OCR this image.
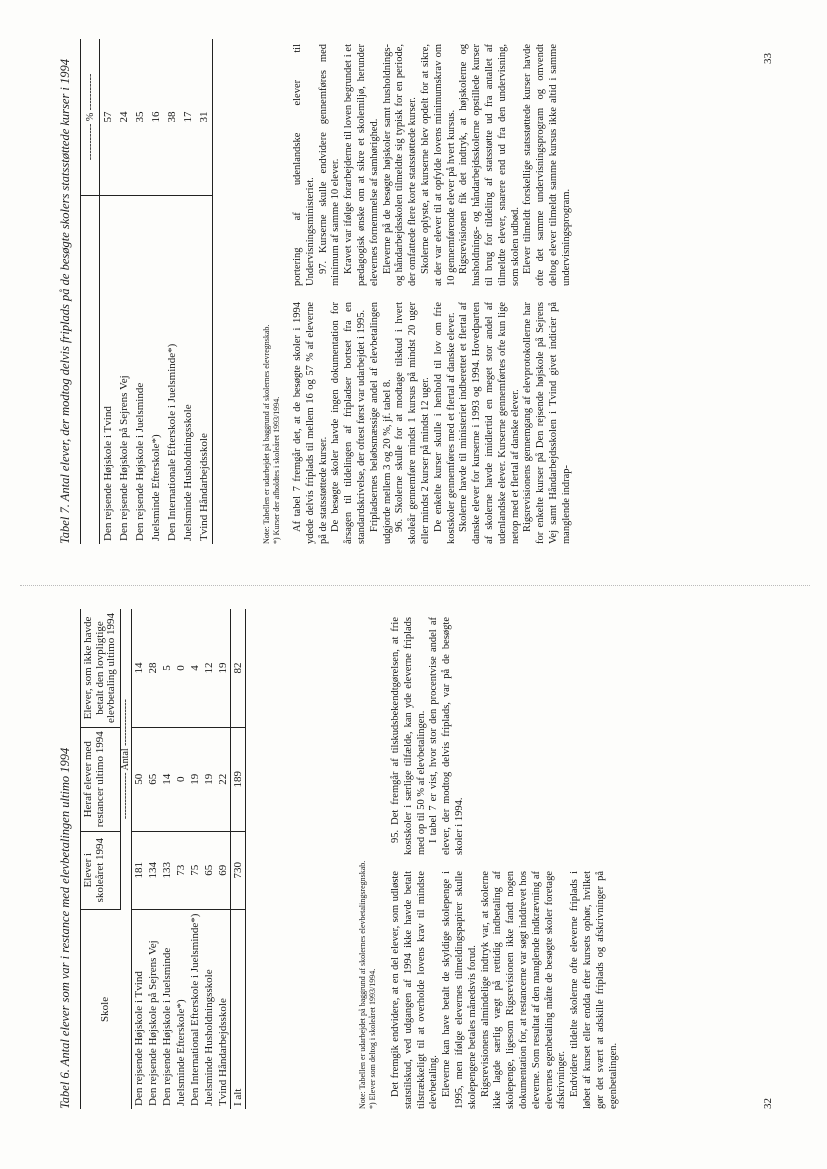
Tabel 6. Antal elever som var i restance med elevbetalingen ultimo 1994 Skole	Elever i skoleåret 1994	Heraf elever med restancer ultimo 1994	Elever, som ikke havde betalt den lovpligtige elevbetaling ultimo 1994
	-------------- Antal --------------		
Den rejsende Højskole i Tvind	181	50	14
Den rejsende Højskole på Sejrens Vej	134	65	28
Den rejsende Højskole i Juelsminde	133	14	5
Juelsminde Efterskole*)	73	0	0
Den International Efterskole i Juelsminde*)	75	19	4
Juelsminde Husholdningsskole	65	19	12
Tvind Håndarbejdsskole	69	22	19
I alt	730	189	82
Note: Tabellen er udarbejdet på baggrund af skolernes elevbetalingsregnskab. *) Elever som deltog i skoleåret 1993/1994. Det fremgik endvidere, at en del elever, som udløste statstilskud, ved udgangen af 1994 ikke havde betalt tilstrækkeligt til at overholde lovens krav til mindste elevbetaling. Eleverne kan have betalt de skyldige skolepenge i 1995, men ifølge elevernes tilmeldingspapirer skulle skolepengene betales månedsvis forud. Rigsrevisionens almindelige indtryk var, at skolerne ikke lagde særlig vægt på rettidig indbetaling af skolepenge, ligesom Rigsrevisionen ikke fandt nogen dokumentation for, at restancerne var søgt inddrevet hos eleverne. Som resultat af den manglende indkrævning af elevernes egenbetaling måtte de besøgte skoler foretage afskrivninger. Endvidere tildelte skolerne ofte eleverne friplads i løbet af kurset eller endda efter kursets ophør, hvilket gør det svært at adskille friplads og afskrivninger på egenbetalingen.

95. Det fremgår af tilskudsbekendtgørelsen, at frie kostskoler i særlige tilfælde, kan yde eleverne friplads med op til 50 % af elevbetalingen. I tabel 7 er vist, hvor stor den procentvise andel af elever, der modtog delvis friplads, var på de besøgte skoler i 1994.

32
Tabel 7. Antal elever, der modtog delvis friplads på de besøgte skolers statsstøttede kurser i 1994
	----------- % -----------
Den rejsende Højskole i Tvind	57
Den rejsende Højskole på Sejrens Vej	24
Den rejsende Højskole i Juelsminde	35
Juelsminde Efterskole*)	16
Den Internationale Efterskole i Juelsminde*)	38
Juelsminde Husholdningsskole	17
Tvind Håndarbejdsskole	31
Note: Tabellen er udarbejdet på baggrund af skolernes elevregnskab. *) Kurser der afholdtes i skoleåret 1993/1994. Af tabel 7 fremgår det, at de besøgte skoler i 1994 ydede delvis friplads til mellem 16 og 57 % af eleverne på de statsstøttede kurser. De besøgte skoler havde ingen dokumentation for årsagen til tildelingen af fripladser bortset fra en standardskrivelse, der oftest først var udarbejdet i 1995. Fripladsernes beløbsmæssige andel af elevbetalingen udgjorde mellem 3 og 20 %, jf. tabel 8. 96. Skolerne skulle for at modtage tilskud i hvert skoleår gennemføre mindst 1 kursus på mindst 20 uger eller mindst 2 kurser på mindst 12 uger. De enkelte kurser skulle i henhold til lov om frie kostskoler gennemføres med et flertal af danske elever. Skolerne havde til ministeriet indberettet et flertal af danske elever for kurserne i 1993 og 1994. Hovedparten af skolerne havde imidlertid en meget stor andel af udenlandske elever. Kurserne gennemførtes ofte kun lige netop med et flertal af danske elever. Rigsrevisionens gennemgang af elevprotokollerne har for enkelte kurser på Den rejsende højskole på Sejrens Vej samt Håndarbejdsskolen i Tvind givet indicier på manglende indrap-

portering af udenlandske elever til Undervisningsministeriet. 97. Kurserne skulle endvidere gennemføres med minimum af samme 10 elever. Kravet var ifølge forarbejderne til loven begrundet i et pædagogisk ønske om at sikre et skolemiljø, herunder elevernes fornemmelse af samhørighed. Eleverne på de besøgte højskoler samt husholdnings- og håndarbejdsskolen tilmeldte sig typisk for en periode, der omfattede flere korte statsstøttede kurser. Skolerne oplyste, at kurserne blev opdelt for at sikre, at der var elever til at opfylde lovens minimumskrav om 10 gennemførende elever på hvert kursus. Rigsrevisionen fik det indtryk, at højskolerne og husholdnings- og håndarbejdsskolerne opstillede kurser til brug for tildeling af statsstøtte ud fra antallet af tilmeldte elever, snarere end ud fra den undervisning, som skolen udbød. Elever tilmeldt forskellige statsstøttede kurser havde ofte det samme undervisningsprogram og omvendt deltog elever tilmeldt samme kursus ikke altid i samme undervisningsprogram.

33
